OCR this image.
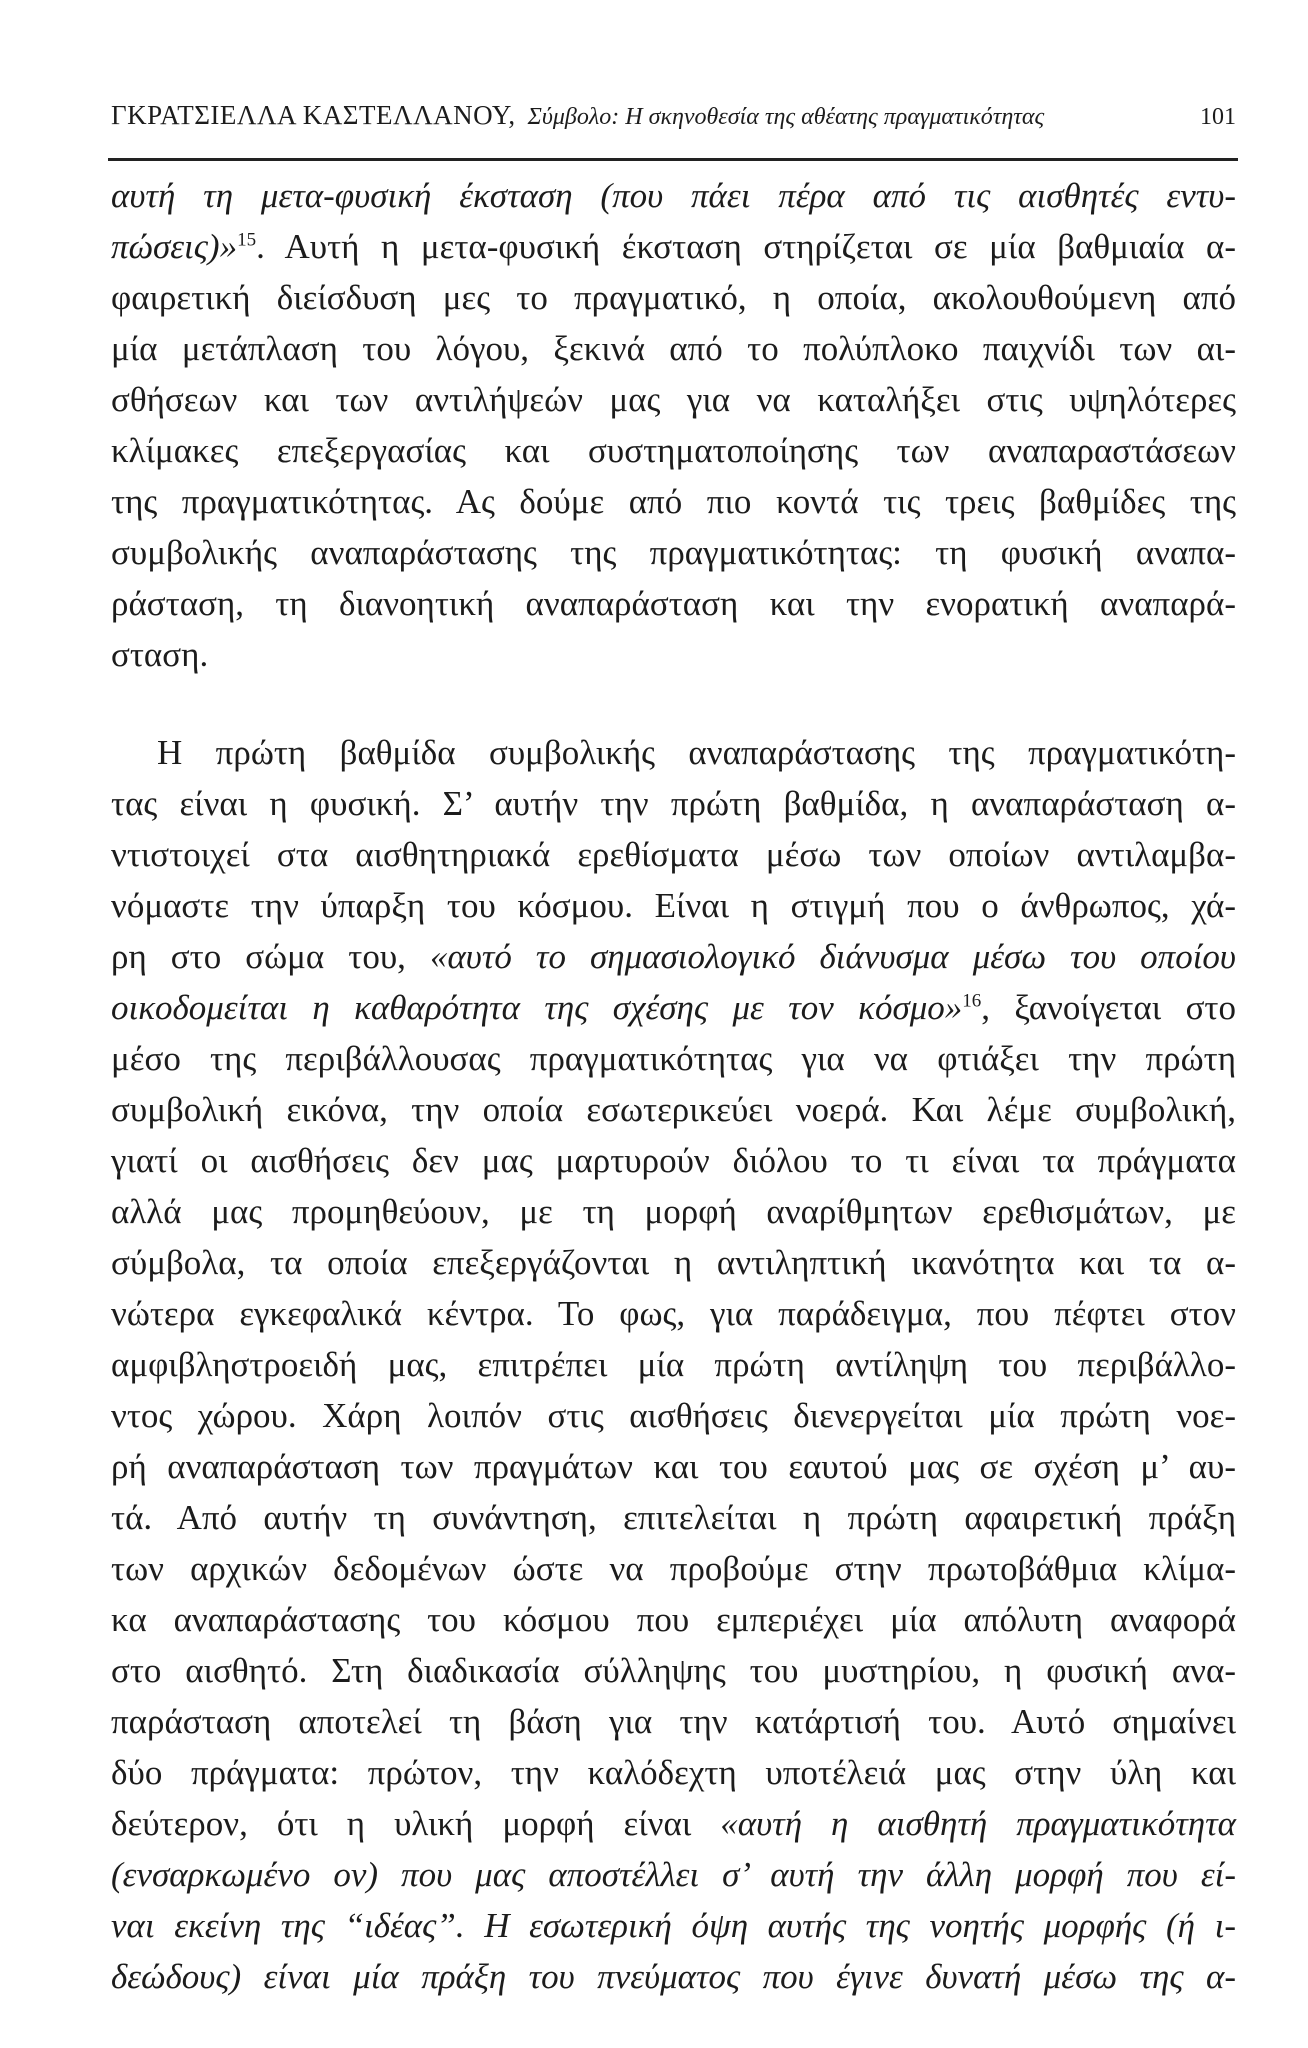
ΓΚΡΑΤΣΙΕΛΛΑ ΚΑΣΤΕΛΛΑΝΟΥ, Σύμβολο: Η σκηνοθεσία της αθέατης πραγματικότητας	101
αυτή τη μετα-φυσική έκσταση (που πάει πέρα από τις αισθητές εντυ-
πώσεις)»$^{15}$. Αυτή η μετα-φυσική έκσταση στηρίζεται σε μία βαθμιαία α-
φαιρετική διείσδυση μες το πραγματικό, η οποία, ακολουθούμενη από
μία μετάπλαση του λόγου, ξεκινά από το πολύπλοκο παιχνίδι των αι-
σθήσεων και των αντιλήψεών μας για να καταλήξει στις υψηλότερες
κλίμακες επεξεργασίας και συστηματοποίησης των αναπαραστάσεων
της πραγματικότητας. Ας δούμε από πιο κοντά τις τρεις βαθμίδες της
συμβολικής αναπαράστασης της πραγματικότητας: τη φυσική αναπα-
ράσταση, τη διανοητική αναπαράσταση και την ενορατική αναπαρά-
σταση.
Η πρώτη βαθμίδα συμβολικής αναπαράστασης της πραγματικότη-
τας είναι η φυσική. Σ’ αυτήν την πρώτη βαθμίδα, η αναπαράσταση α-
ντιστοιχεί στα αισθητηριακά ερεθίσματα μέσω των οποίων αντιλαμβα-
νόμαστε την ύπαρξη του κόσμου. Είναι η στιγμή που ο άνθρωπος, χά-
ρη στο σώμα του, «αυτό το σημασιολογικό διάνυσμα μέσω του οποίου
οικοδομείται η καθαρότητα της σχέσης με τον κόσμο»$^{16}$, ξανοίγεται στο
μέσο της περιβάλλουσας πραγματικότητας για να φτιάξει την πρώτη
συμβολική εικόνα, την οποία εσωτερικεύει νοερά. Και λέμε συμβολική,
γιατί οι αισθήσεις δεν μας μαρτυρούν διόλου το τι είναι τα πράγματα
αλλά μας προμηθεύουν, με τη μορφή αναρίθμητων ερεθισμάτων, με
σύμβολα, τα οποία επεξεργάζονται η αντιληπτική ικανότητα και τα α-
νώτερα εγκεφαλικά κέντρα. Το φως, για παράδειγμα, που πέφτει στον
αμφιβληστροειδή μας, επιτρέπει μία πρώτη αντίληψη του περιβάλλο-
ντος χώρου. Χάρη λοιπόν στις αισθήσεις διενεργείται μία πρώτη νοε-
ρή αναπαράσταση των πραγμάτων και του εαυτού μας σε σχέση μ’ αυ-
τά. Από αυτήν τη συνάντηση, επιτελείται η πρώτη αφαιρετική πράξη
των αρχικών δεδομένων ώστε να προβούμε στην πρωτοβάθμια κλίμα-
κα αναπαράστασης του κόσμου που εμπεριέχει μία απόλυτη αναφορά
στο αισθητό. Στη διαδικασία σύλληψης του μυστηρίου, η φυσική ανα-
παράσταση αποτελεί τη βάση για την κατάρτισή του. Αυτό σημαίνει
δύο πράγματα: πρώτον, την καλόδεχτη υποτέλειά μας στην ύλη και
δεύτερον, ότι η υλική μορφή είναι «αυτή η αισθητή πραγματικότητα
(ενσαρκωμένο ον) που μας αποστέλλει σ’ αυτή την άλλη μορφή που εί-
ναι εκείνη της “ιδέας”. Η εσωτερική όψη αυτής της νοητής μορφής (ή ι-
δεώδους) είναι μία πράξη του πνεύματος που έγινε δυνατή μέσω της α-
